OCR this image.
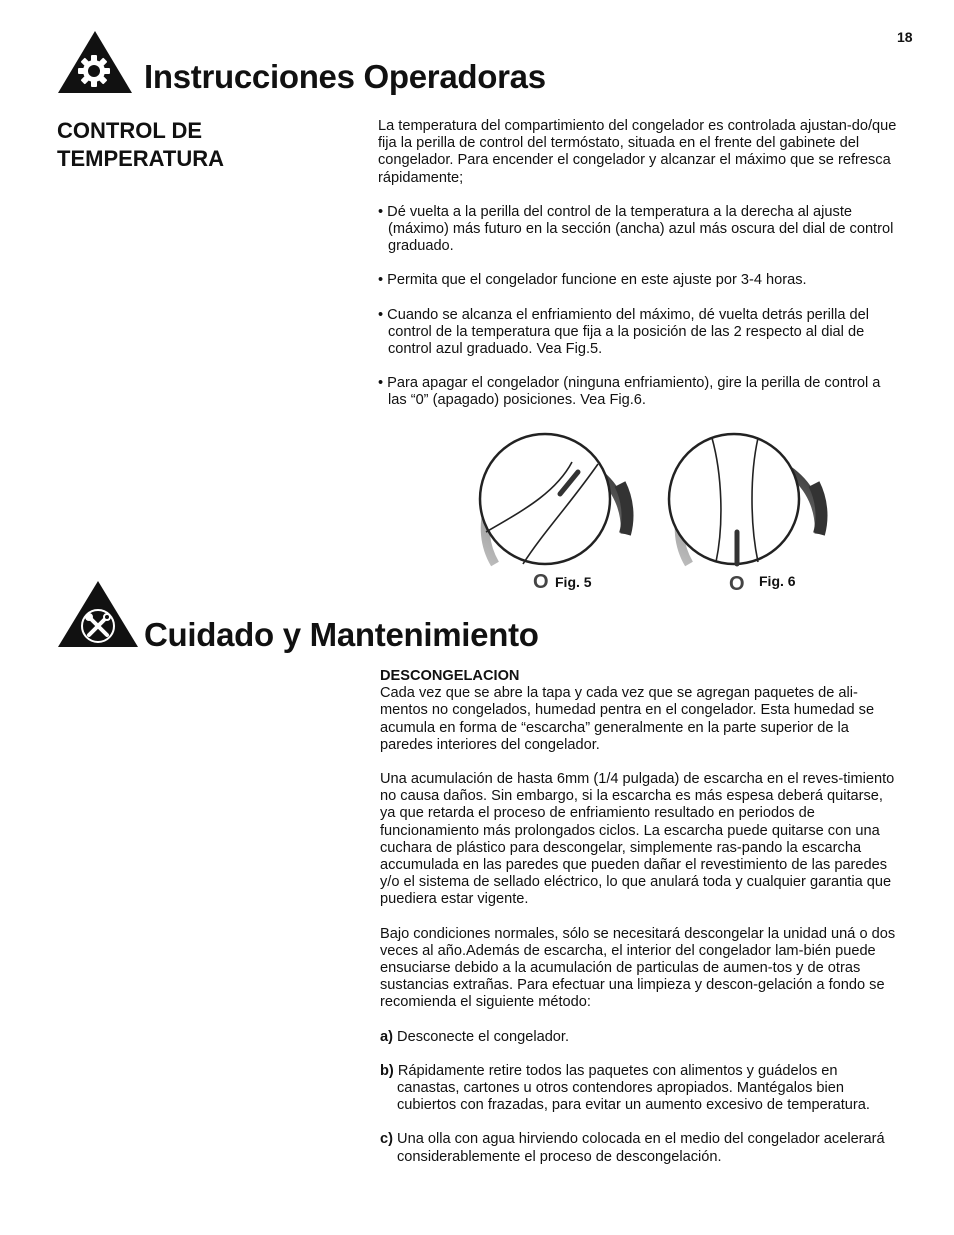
18
Instrucciones Operadoras
CONTROL DE
TEMPERATURA

La temperatura del compartimiento del congelador es controlada ajustan-do/que fija la perilla de control del termóstato, situada en el frente del gabinete del congelador. Para encender el congelador y alcanzar el máximo que se refresca rápidamente;

• Dé vuelta a la perilla del control de la temperatura a la derecha al ajuste (máximo) más futuro en la sección (ancha) azul más oscura del dial de control graduado.

• Permita que el congelador funcione en este ajuste por 3-4 horas.

• Cuando se alcanza el enfriamiento del máximo, dé vuelta detrás perilla del control de la temperatura que fija a la posición de las 2 respecto al dial de control azul graduado. Vea Fig.5.

• Para apagar el congelador (ninguna enfriamiento), gire la perilla de control a las “0” (apagado) posiciones. Vea Fig.6.

O Fig. 5	O Fig. 6
Cuidado y Mantenimiento
DESCONGELACION

Cada vez que se abre la tapa y cada vez que se agregan paquetes de ali-mentos no congelados, humedad pentra en el congelador. Esta humedad se acumula en forma de “escarcha” generalmente en la parte superior de la paredes interiores del congelador.

Una acumulación de hasta 6mm (1/4 pulgada) de escarcha en el reves-timiento no causa daños. Sin embargo, si la escarcha es más espesa deberá quitarse, ya que retarda el proceso de enfriamiento resultado en periodos de funcionamiento más prolongados ciclos. La escarcha puede quitarse con una cuchara de plástico para descongelar, simplemente ras-pando la escarcha accumulada en las paredes que pueden dañar el revestimiento de las paredes y/o el sistema de sellado eléctrico, lo que anulará toda y cualquier garantia que puediera estar vigente.

Bajo condiciones normales, sólo se necesitará descongelar la unidad uná o dos veces al año.Además de escarcha, el interior del congelador lam-bién puede ensuciarse debido a la acumulación de particulas de aumen-tos y de otras sustancias extrañas. Para efectuar una limpieza y descon-gelación a fondo se recomienda el siguiente método:

a) Desconecte el congelador.

b) Rápidamente retire todos las paquetes con alimentos y guádelos en canastas, cartones u otros contendores apropiados. Mantégalos bien cubiertos con frazadas, para evitar un aumento excesivo de temperatura.

c) Una olla con agua hirviendo colocada en el medio del congelador acelerará considerablemente el proceso de descongelación.
